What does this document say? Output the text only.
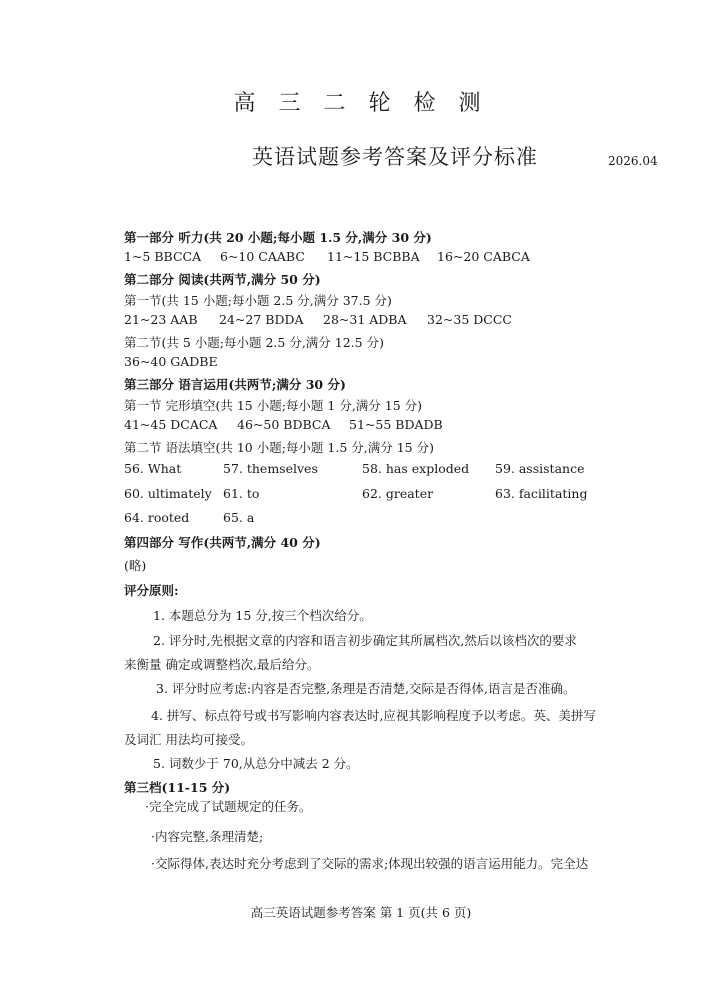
高 三 二 轮 检 测
英语试题参考答案及评分标准	2026.04
第一部分 听力(共 20 小题;每小题 1.5 分,满分 30 分)
1~5 BBCCA 6~10 CAABC 11~15 BCBBA 16~20 CABCA
第二部分 阅读(共两节,满分 50 分)
第一节(共 15 小题;每小题 2.5 分,满分 37.5 分)
21~23 AAB 24~27 BDDA 28~31 ADBA 32~35 DCCC
第二节(共 5 小题;每小题 2.5 分,满分 12.5 分)
36~40 GADBE
第三部分 语言运用(共两节;满分 30 分)
第一节 完形填空(共 15 小题;每小题 1 分,满分 15 分)
41~45 DCACA 46~50 BDBCA 51~55 BDADB
第二节 语法填空(共 10 小题;每小题 1.5 分,满分 15 分)
56. What	57. themselves	58. has exploded 59. assistance
60. ultimately 61. to	62. greater	63. facilitating
64. rooted	65. a
第四部分 写作(共两节,满分 40 分)
(略)
评分原则:
1. 本题总分为 15 分,按三个档次给分。
2. 评分时,先根据文章的内容和语言初步确定其所属档次,然后以该档次的要求
来衡量 确定或调整档次,最后给分。
3. 评分时应考虑:内容是否完整,条理是否清楚,交际是否得体,语言是否准确。
4. 拼写、标点符号或书写影响内容表达时,应视其影响程度予以考虑。英、美拼写
及词汇 用法均可接受。
5. 词数少于 70,从总分中减去 2 分。
第三档(11-15 分)
·完全完成了试题规定的任务。
·内容完整,条理清楚;
·交际得体,表达时充分考虑到了交际的需求;体现出较强的语言运用能力。完全达
高三英语试题参考答案 第 1 页(共 6 页)
